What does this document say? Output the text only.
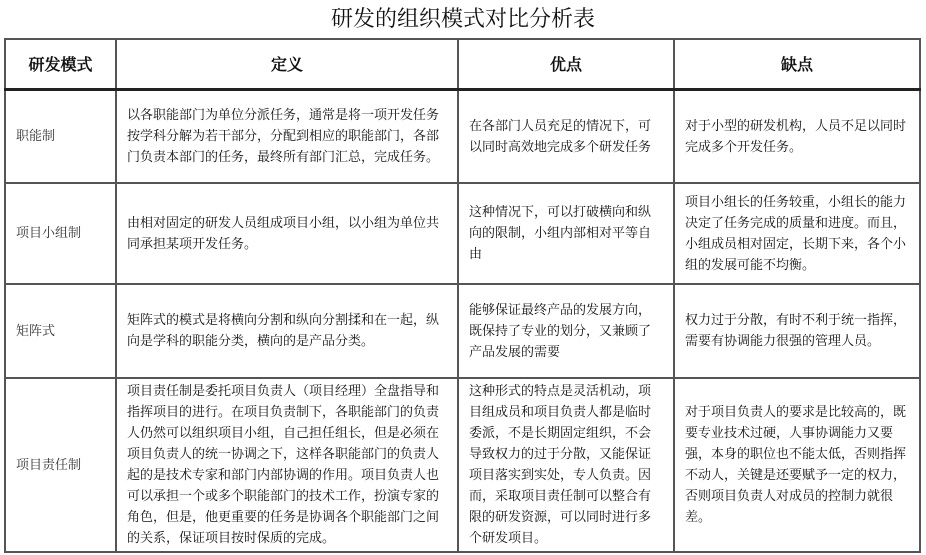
研发的组织模式对比分析表
研发模式	定义	优点	缺点
职能制	以各职能部门为单位分派任务，通常是将一项开发任务按学科分解为若干部分，分配到相应的职能部门，各部门负责本部门的任务，最终所有部门汇总，完成任务。	在各部门人员充足的情况下，可以同时高效地完成多个研发任务	对于小型的研发机构，人员不足以同时完成多个开发任务。
项目小组制	由相对固定的研发人员组成项目小组，以小组为单位共同承担某项开发任务。	这种情况下，可以打破横向和纵向的限制，小组内部相对平等自由	项目小组长的任务较重，小组长的能力决定了任务完成的质量和进度。而且，小组成员相对固定，长期下来，各个小组的发展可能不均衡。
矩阵式	矩阵式的模式是将横向分割和纵向分割揉和在一起，纵向是学科的职能分类，横向的是产品分类。	能够保证最终产品的发展方向，既保持了专业的划分，又兼顾了产品发展的需要	权力过于分散，有时不利于统一指挥，需要有协调能力很强的管理人员。
项目责任制	项目责任制是委托项目负责人（项目经理）全盘指导和指挥项目的进行。在项目负责制下，各职能部门的负责人仍然可以组织项目小组，自己担任组长，但是必须在项目负责人的统一协调之下，这样各职能部门的负责人起的是技术专家和部门内部协调的作用。项目负责人也可以承担一个或多个职能部门的技术工作，扮演专家的角色，但是，他更重要的任务是协调各个职能部门之间的关系，保证项目按时保质的完成。	这种形式的特点是灵活机动，项目组成员和项目负责人都是临时委派，不是长期固定组织，不会导致权力的过于分散，又能保证项目落实到实处，专人负责。因而，采取项目责任制可以整合有限的研发资源，可以同时进行多个研发项目。	对于项目负责人的要求是比较高的，既要专业技术过硬，人事协调能力又要强，本身的职位也不能太低，否则指挥不动人，关键是还要赋予一定的权力，否则项目负责人对成员的控制力就很差。
